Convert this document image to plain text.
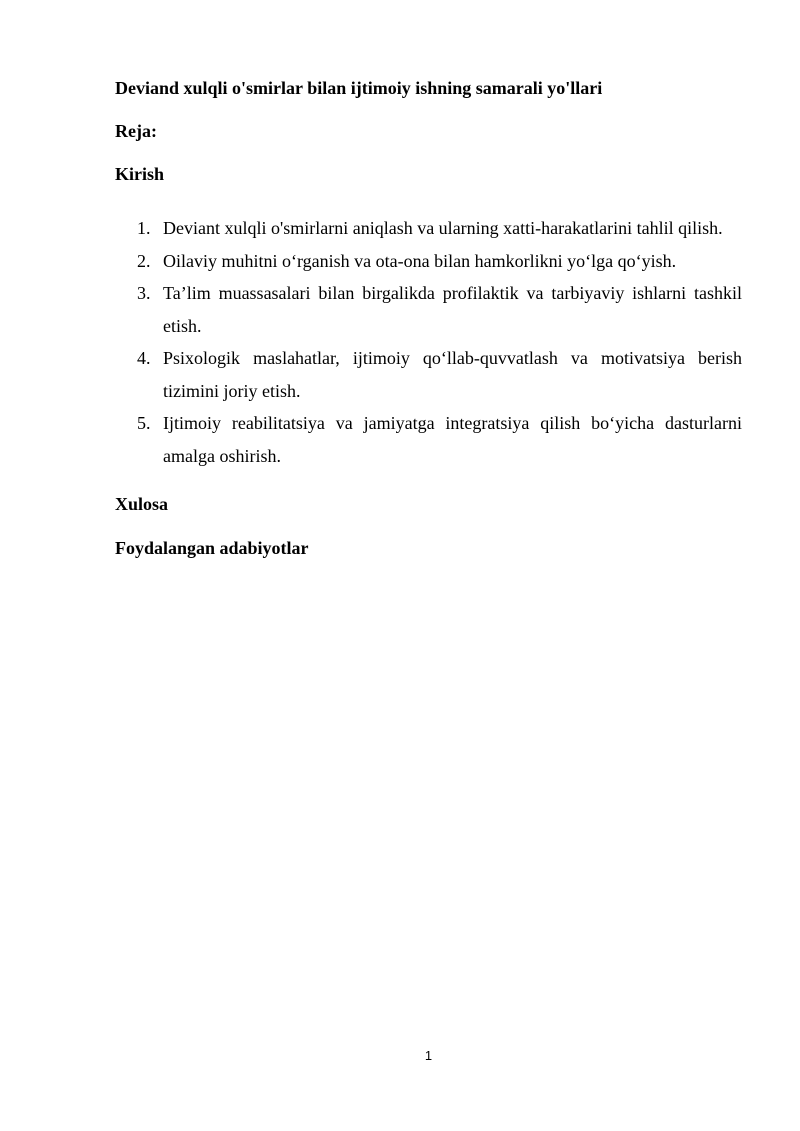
Deviand xulqli o'smirlar bilan ijtimoiy ishning samarali yo'llari
Reja:
Kirish
1. Deviant xulqli o'smirlarni aniqlash va ularning xatti-harakatlarini tahlil qilish.
2. Oilaviy muhitni o‘rganish va ota-ona bilan hamkorlikni yo‘lga qo‘yish.
3. Ta’lim muassasalari bilan birgalikda profilaktik va tarbiyaviy ishlarni tashkil etish.
4. Psixologik maslahatlar, ijtimoiy qo‘llab-quvvatlash va motivatsiya berish tizimini joriy etish.
5. Ijtimoiy reabilitatsiya va jamiyatga integratsiya qilish bo‘yicha dasturlarni amalga oshirish.
Xulosa
Foydalangan adabiyotlar
1
